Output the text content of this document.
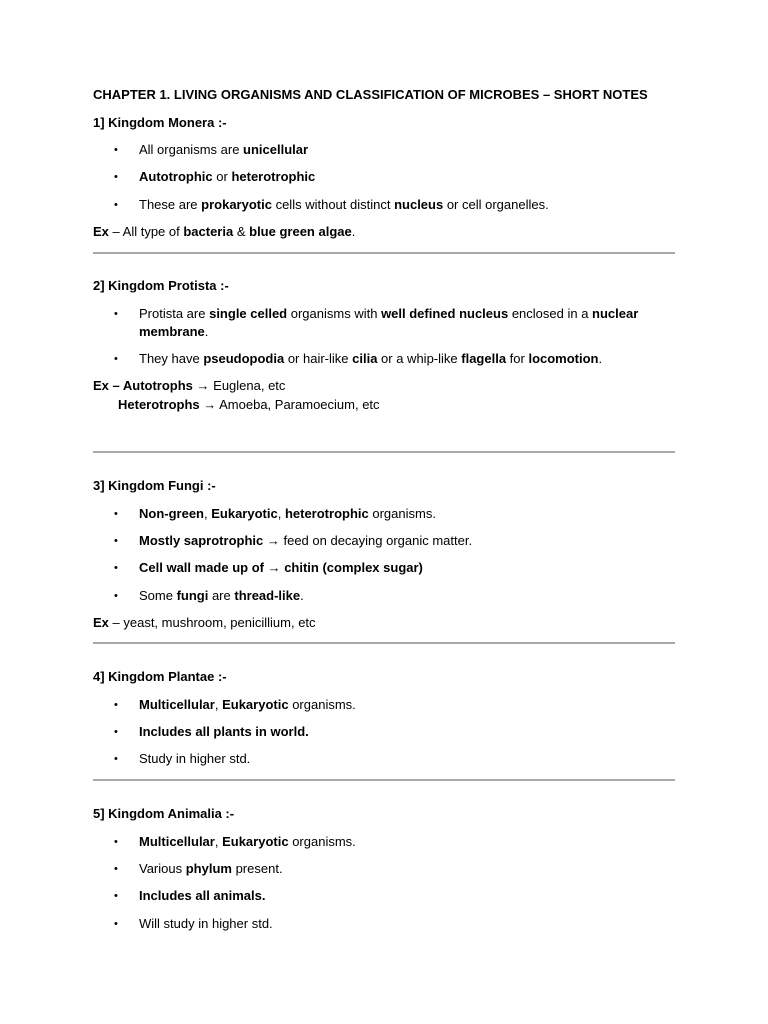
CHAPTER 1. LIVING ORGANISMS AND CLASSIFICATION OF MICROBES – SHORT NOTES
1] Kingdom Monera :-
• All organisms are unicellular
• Autotrophic or heterotrophic
• These are prokaryotic cells without distinct nucleus or cell organelles.
Ex – All type of bacteria & blue green algae.
2] Kingdom Protista :-
• Protista are single celled organisms with well defined nucleus enclosed in a nuclear
membrane.
• They have pseudopodia or hair-like cilia or a whip-like flagella for locomotion.
Ex – Autotrophs → Euglena, etc
Heterotrophs → Amoeba, Paramoecium, etc
3] Kingdom Fungi :-
• Non-green, Eukaryotic, heterotrophic organisms.
• Mostly saprotrophic → feed on decaying organic matter.
• Cell wall made up of → chitin (complex sugar)
• Some fungi are thread-like.
Ex – yeast, mushroom, penicillium, etc
4] Kingdom Plantae :-
• Multicellular, Eukaryotic organisms.
• Includes all plants in world.
• Study in higher std.
5] Kingdom Animalia :-
• Multicellular, Eukaryotic organisms.
• Various phylum present.
• Includes all animals.
• Will study in higher std.
